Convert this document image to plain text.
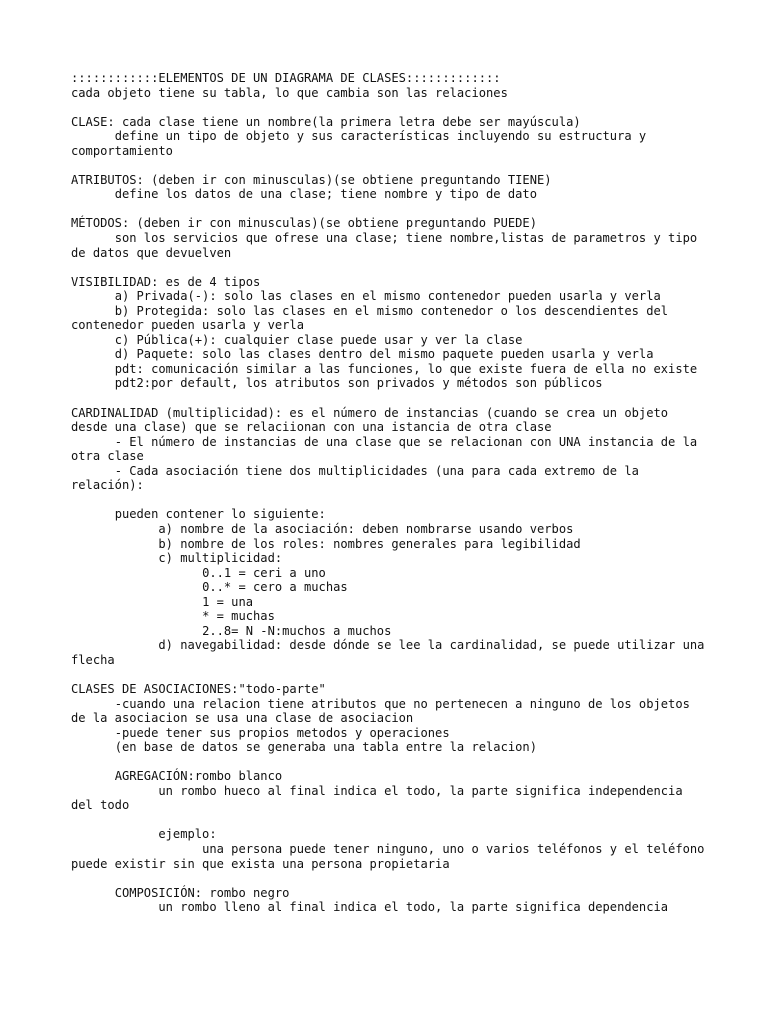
::::::::::::ELEMENTOS DE UN DIAGRAMA DE CLASES:::::::::::::
cada objeto tiene su tabla, lo que cambia son las relaciones

CLASE: cada clase tiene un nombre(la primera letra debe ser mayúscula)
define un tipo de objeto y sus características incluyendo su estructura y comportamiento

ATRIBUTOS: (deben ir con minusculas)(se obtiene preguntando TIENE)
define los datos de una clase; tiene nombre y tipo de dato

MÉTODOS: (deben ir con minusculas)(se obtiene preguntando PUEDE)
son los servicios que ofrese una clase; tiene nombre,listas de parametros y tipo de datos que devuelven

VISIBILIDAD: es de 4 tipos
a) Privada(-): solo las clases en el mismo contenedor pueden usarla y verla
b) Protegida: solo las clases en el mismo contenedor o los descendientes del contenedor pueden usarla y verla
c) Pública(+): cualquier clase puede usar y ver la clase
d) Paquete: solo las clases dentro del mismo paquete pueden usarla y verla
pdt: comunicación similar a las funciones, lo que existe fuera de ella no existe
pdt2:por default, los atributos son privados y métodos son públicos

CARDINALIDAD (multiplicidad): es el número de instancias (cuando se crea un objeto desde una clase) que se relaciionan con una istancia de otra clase
- El número de instancias de una clase que se relacionan con UNA instancia de la otra clase
- Cada asociación tiene dos multiplicidades (una para cada extremo de la relación):

pueden contener lo siguiente:
a) nombre de la asociación: deben nombrarse usando verbos
b) nombre de los roles: nombres generales para legibilidad
c) multiplicidad:
0..1 = ceri a uno
0..* = cero a muchas
1 = una
* = muchas
2..8= N -N:muchos a muchos
d) navegabilidad: desde dónde se lee la cardinalidad, se puede utilizar una flecha

CLASES DE ASOCIACIONES:"todo-parte"
-cuando una relacion tiene atributos que no pertenecen a ninguno de los objetos de la asociacion se usa una clase de asociacion
-puede tener sus propios metodos y operaciones
(en base de datos se generaba una tabla entre la relacion)

AGREGACIÓN:rombo blanco
un rombo hueco al final indica el todo, la parte significa independencia del todo

ejemplo:
una persona puede tener ninguno, uno o varios teléfonos y el teléfono puede existir sin que exista una persona propietaria

COMPOSICIÓN: rombo negro
un rombo lleno al final indica el todo, la parte significa dependencia
